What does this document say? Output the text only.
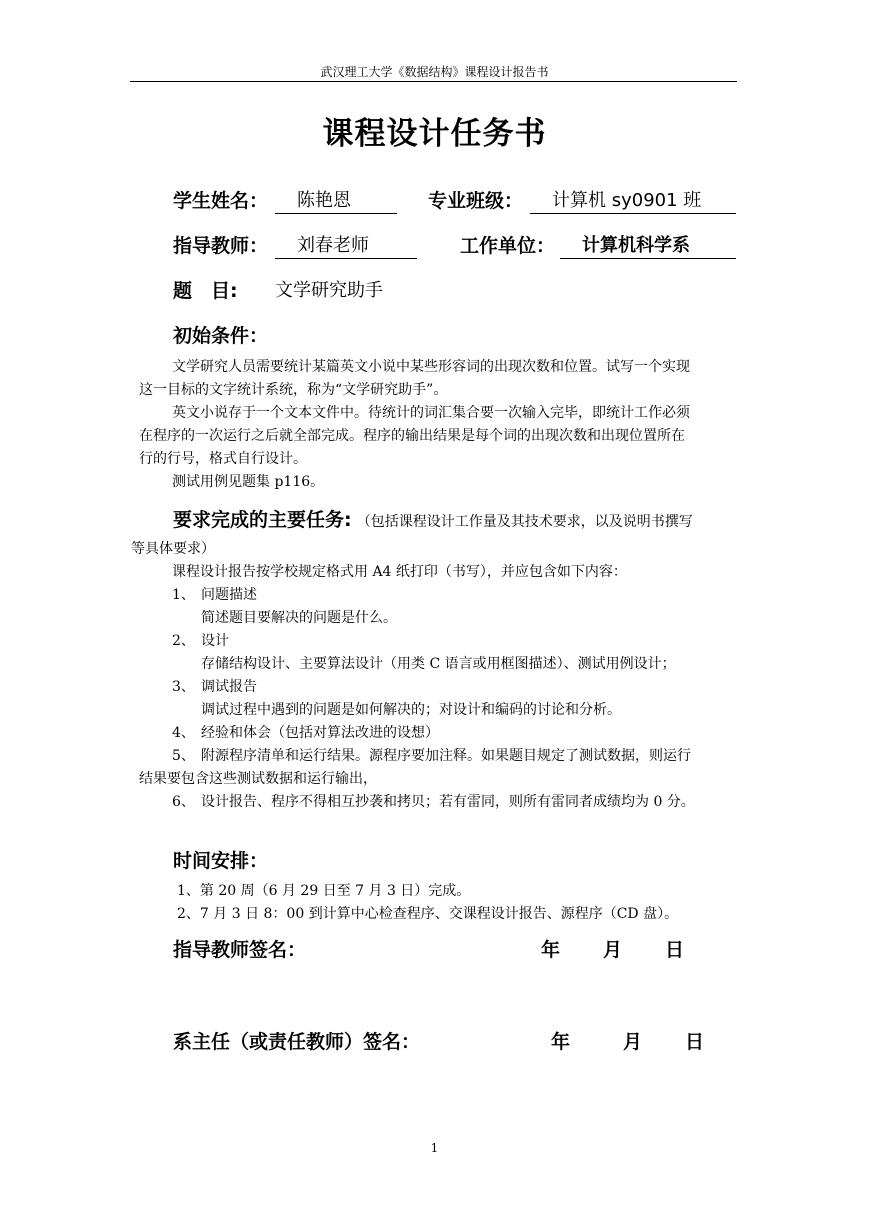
武汉理工大学《数据结构》课程设计报告书
课程设计任务书
学生姓名：	陈艳恩	专业班级：	计算机 sy0901 班
指导教师：	刘春老师	工作单位：	计算机科学系
题　目: 文学研究助手
初始条件：
文学研究人员需要统计某篇英文小说中某些形容词的出现次数和位置。试写一个实现
这一目标的文字统计系统，称为“文学研究助手”。
英文小说存于一个文本文件中。待统计的词汇集合要一次输入完毕，即统计工作必须
在程序的一次运行之后就全部完成。程序的输出结果是每个词的出现次数和出现位置所在
行的行号，格式自行设计。
测试用例见题集 p116。
要求完成的主要任务: （包括课程设计工作量及其技术要求，以及说明书撰写
等具体要求）
课程设计报告按学校规定格式用 A4 纸打印（书写），并应包含如下内容：
1、 问题描述
简述题目要解决的问题是什么。
2、 设计
存储结构设计、主要算法设计（用类 C 语言或用框图描述）、测试用例设计；
3、 调试报告
调试过程中遇到的问题是如何解决的；对设计和编码的讨论和分析。
4、 经验和体会（包括对算法改进的设想）
5、 附源程序清单和运行结果。源程序要加注释。如果题目规定了测试数据，则运行
结果要包含这些测试数据和运行输出，
6、 设计报告、程序不得相互抄袭和拷贝；若有雷同，则所有雷同者成绩均为 0 分。
时间安排：
1、第 20 周（6 月 29 日至 7 月 3 日）完成。
2、7 月 3 日 8：00 到计算中心检查程序、交课程设计报告、源程序（CD 盘）。
指导教师签名：	年 月 日
系主任（或责任教师）签名：	年	月 日
1
